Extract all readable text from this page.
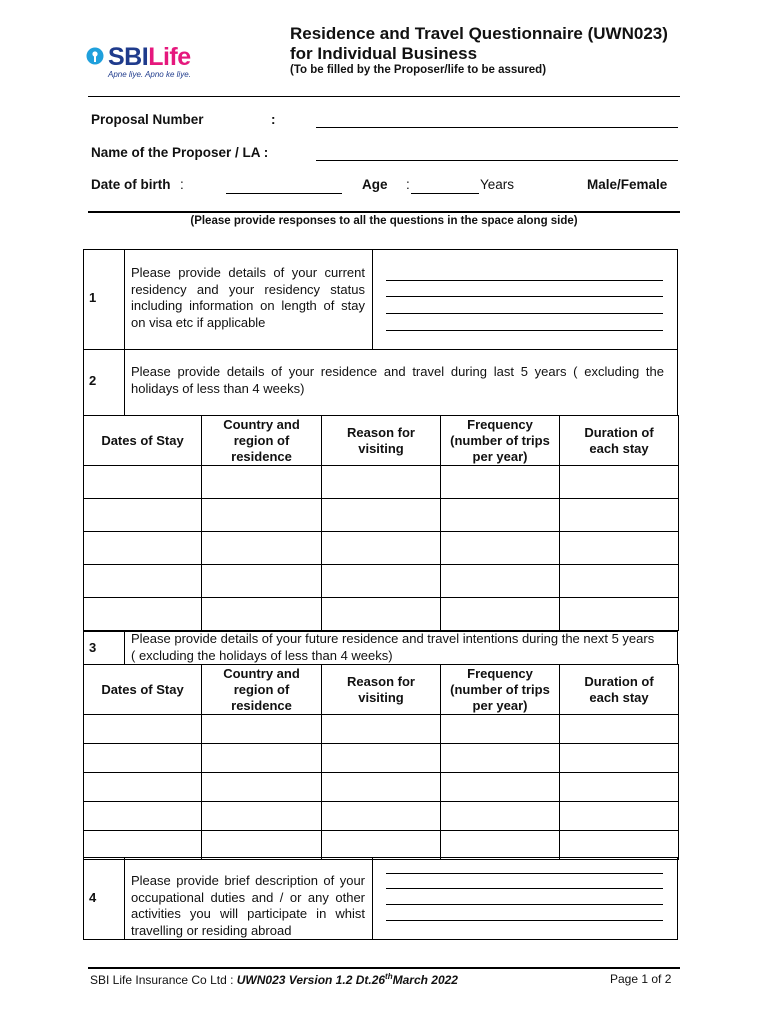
SBILife
Apne liye. Apno ke liye.
Residence and Travel Questionnaire (UWN023)
for Individual Business
(To be filled by the Proposer/life to be assured)
Proposal Number	:
Name of the Proposer / LA :
Date of birth :	Age :	Years	Male/Female
(Please provide responses to all the questions in the space along side)
1
Please provide details of your current residency and your residency status including information on length of stay on visa etc if applicable
2
Please provide details of your residence and travel during last 5 years ( excluding the holidays of less than 4 weeks)
Dates of Stay	Country and region of residence	Reason for visiting	Frequency (number of trips per year)	Duration of each stay

3
Please provide details of your future residence and travel intentions during the next 5 years ( excluding the holidays of less than 4 weeks)
Dates of Stay	Country and region of residence	Reason for visiting	Frequency (number of trips per year)	Duration of each stay

4
Please provide brief description of your occupational duties and / or any other activities you will participate in whist travelling or residing abroad
SBI Life Insurance Co Ltd : UWN023 Version 1.2 Dt.26thMarch 2022	Page 1 of 2
